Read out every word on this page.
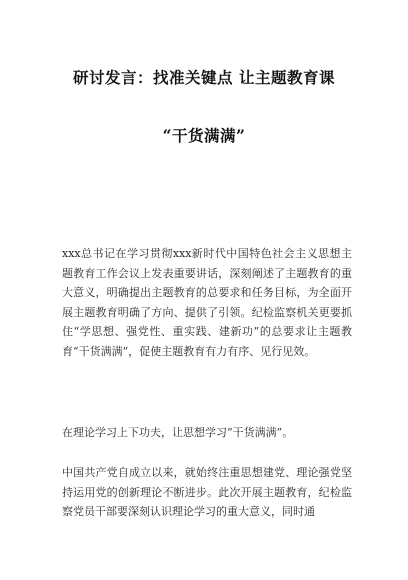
研讨发言：找准关键点 让主题教育课
“干货满满”

xxx总书记在学习贯彻xxx新时代中国特色社会主义思想主题教育工作会议上发表重要讲话，深刻阐述了主题教育的重大意义，明确提出主题教育的总要求和任务目标，为全面开展主题教育明确了方向、提供了引领。纪检监察机关更要抓住“学思想、强党性、重实践、建新功”的总要求让主题教育“干货满满”，促使主题教育有力有序、见行见效。

在理论学习上下功夫，让思想学习“干货满满”。

中国共产党自成立以来，就始终注重思想建党、理论强党坚持运用党的创新理论不断进步。此次开展主题教育，纪检监察党员干部要深刻认识理论学习的重大意义，同时通
